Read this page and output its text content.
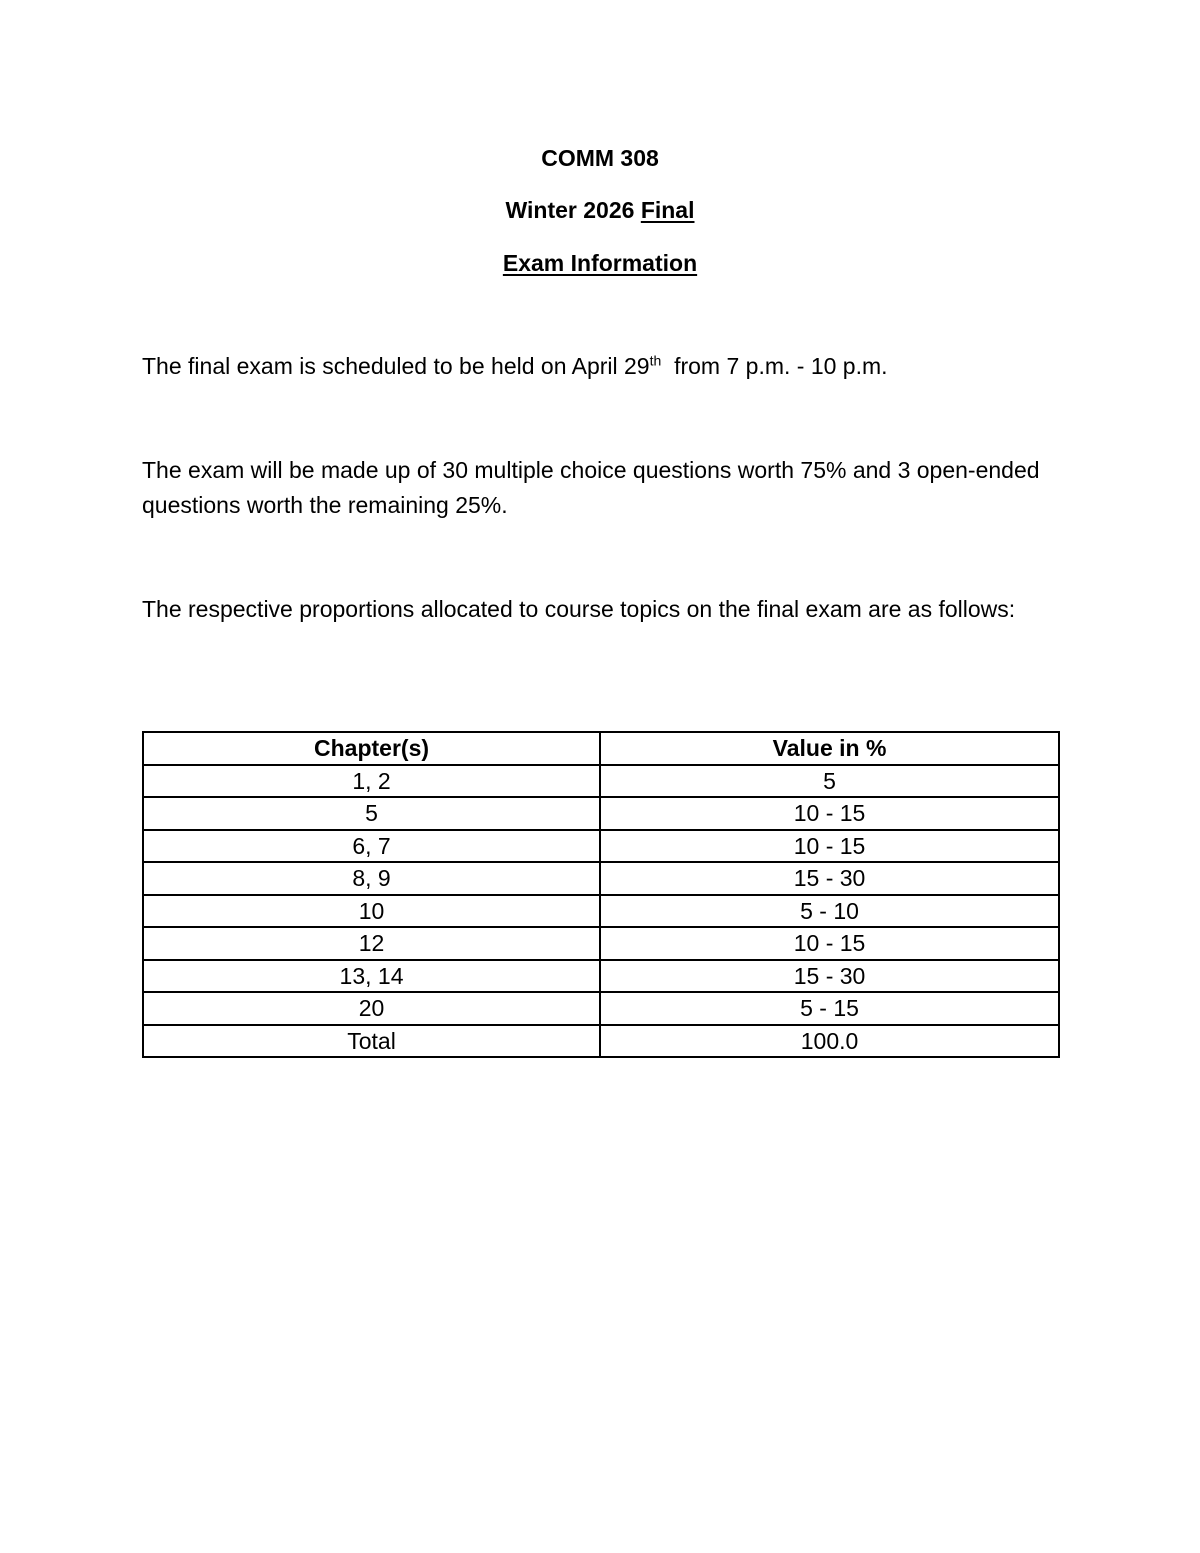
COMM 308
Winter 2026 Final
Exam Information
The final exam is scheduled to be held on April 29th  from 7 p.m. - 10 p.m.
The exam will be made up of 30 multiple choice questions worth 75% and 3 open-ended questions worth the remaining 25%.
The respective proportions allocated to course topics on the final exam are as follows:
Chapter(s)	Value in %
1, 2	5
5	10 - 15
6, 7	10 - 15
8, 9	15 - 30
10	5 - 10
12	10 - 15
13, 14	15 - 30
20	5 - 15
Total	100.0
